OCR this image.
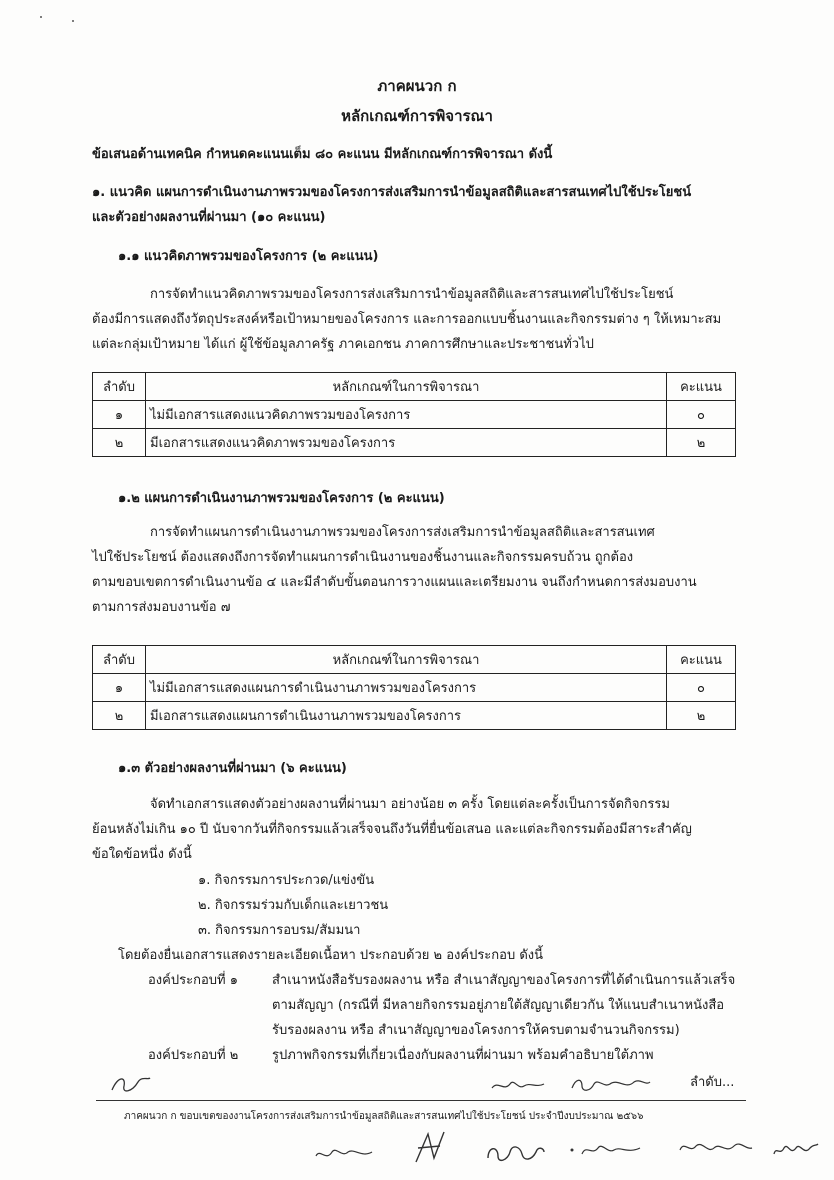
ภาคผนวก ก
หลักเกณฑ์การพิจารณา
ข้อเสนอด้านเทคนิค กำหนดคะแนนเต็ม ๘๐ คะแนน มีหลักเกณฑ์การพิจารณา ดังนี้
๑. แนวคิด แผนการดำเนินงานภาพรวมของโครงการส่งเสริมการนำข้อมูลสถิติและสารสนเทศไปใช้ประโยชน์
และตัวอย่างผลงานที่ผ่านมา (๑๐ คะแนน)
๑.๑ แนวคิดภาพรวมของโครงการ (๒ คะแนน)
การจัดทำแนวคิดภาพรวมของโครงการส่งเสริมการนำข้อมูลสถิติและสารสนเทศไปใช้ประโยชน์
ต้องมีการแสดงถึงวัตถุประสงค์หรือเป้าหมายของโครงการ และการออกแบบชิ้นงานและกิจกรรมต่าง ๆ ให้เหมาะสม
แต่ละกลุ่มเป้าหมาย ได้แก่ ผู้ใช้ข้อมูลภาครัฐ ภาคเอกชน ภาคการศึกษาและประชาชนทั่วไป
ลำดับ	หลักเกณฑ์ในการพิจารณา	คะแนน
๑	ไม่มีเอกสารแสดงแนวคิดภาพรวมของโครงการ	๐
๒	มีเอกสารแสดงแนวคิดภาพรวมของโครงการ	๒
๑.๒ แผนการดำเนินงานภาพรวมของโครงการ (๒ คะแนน)
การจัดทำแผนการดำเนินงานภาพรวมของโครงการส่งเสริมการนำข้อมูลสถิติและสารสนเทศ
ไปใช้ประโยชน์ ต้องแสดงถึงการจัดทำแผนการดำเนินงานของชิ้นงานและกิจกรรมครบถ้วน ถูกต้อง
ตามขอบเขตการดำเนินงานข้อ ๔ และมีลำดับขั้นตอนการวางแผนและเตรียมงาน จนถึงกำหนดการส่งมอบงาน
ตามการส่งมอบงานข้อ ๗
ลำดับ	หลักเกณฑ์ในการพิจารณา	คะแนน
๑	ไม่มีเอกสารแสดงแผนการดำเนินงานภาพรวมของโครงการ	๐
๒	มีเอกสารแสดงแผนการดำเนินงานภาพรวมของโครงการ	๒
๑.๓ ตัวอย่างผลงานที่ผ่านมา (๖ คะแนน)
จัดทำเอกสารแสดงตัวอย่างผลงานที่ผ่านมา อย่างน้อย ๓ ครั้ง โดยแต่ละครั้งเป็นการจัดกิจกรรม
ย้อนหลังไม่เกิน ๑๐ ปี นับจากวันที่กิจกรรมแล้วเสร็จจนถึงวันที่ยื่นข้อเสนอ และแต่ละกิจกรรมต้องมีสาระสำคัญ
ข้อใดข้อหนึ่ง ดังนี้
๑. กิจกรรมการประกวด/แข่งขัน
๒. กิจกรรมร่วมกับเด็กและเยาวชน
๓. กิจกรรมการอบรม/สัมมนา
โดยต้องยื่นเอกสารแสดงรายละเอียดเนื้อหา ประกอบด้วย ๒ องค์ประกอบ ดังนี้
องค์ประกอบที่ ๑	สำเนาหนังสือรับรองผลงาน หรือ สำเนาสัญญาของโครงการที่ได้ดำเนินการแล้วเสร็จ
ตามสัญญา (กรณีที่ มีหลายกิจกรรมอยู่ภายใต้สัญญาเดียวกัน ให้แนบสำเนาหนังสือ
รับรองผลงาน หรือ สำเนาสัญญาของโครงการให้ครบตามจำนวนกิจกรรม)
องค์ประกอบที่ ๒	รูปภาพกิจกรรมที่เกี่ยวเนื่องกับผลงานที่ผ่านมา พร้อมคำอธิบายใต้ภาพ
ลำดับ...
ภาคผนวก ก ขอบเขตของงานโครงการส่งเสริมการนำข้อมูลสถิติและสารสนเทศไปใช้ประโยชน์ ประจำปีงบประมาณ ๒๕๖๖
